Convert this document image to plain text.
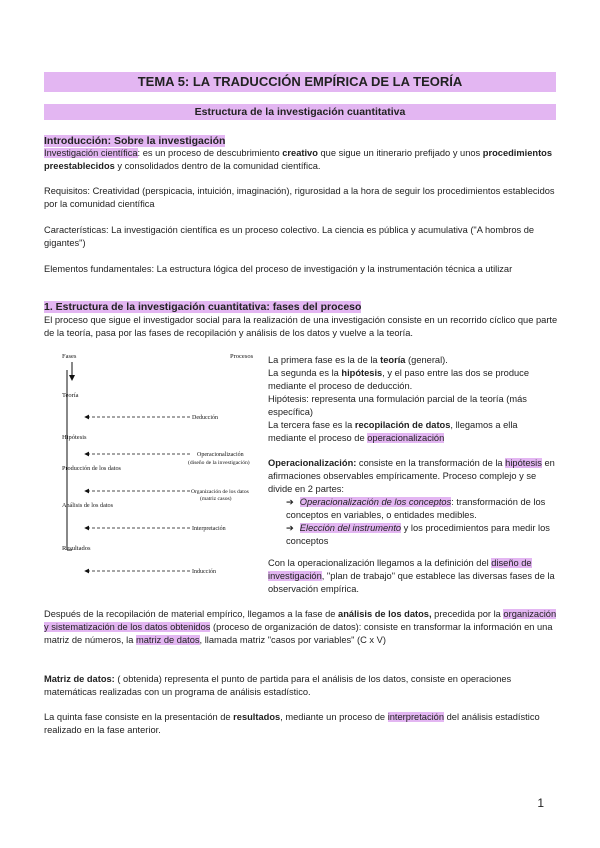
TEMA 5: LA TRADUCCIÓN EMPÍRICA DE LA TEORÍA
Estructura de la investigación cuantitativa
Introducción: Sobre la investigación

Investigación científica: es un proceso de descubrimiento creativo que sigue un itinerario prefijado y unos procedimientos preestablecidos y consolidados dentro de la comunidad científica.

Requisitos: Creatividad (perspicacia, intuición, imaginación), rigurosidad a la hora de seguir los procedimientos establecidos por la comunidad científica

Características: La investigación científica es un proceso colectivo. La ciencia es pública y acumulativa ("A hombros de gigantes")

Elementos fundamentales: La estructura lógica del proceso de investigación y la instrumentación técnica a utilizar

1. Estructura de la investigación cuantitativa: fases del proceso

El proceso que sigue el investigador social para la realización de una investigación consiste en un recorrido cíclico que parte de la teoría, pasa por las fases de recopilación y análisis de los datos y vuelve a la teoría.

Fases	Procesos
Teoría
Deducción
Hipótesis
Operacionalización
(diseño de la investigación)
Producción de los datos
Organización de los datos
(matriz casos)
Análisis de los datos
Interpretación
Resultados
Inducción

La primera fase es la de la teoría (general).

La segunda es la hipótesis, y el paso entre las dos se produce mediante el proceso de deducción.

Hipótesis: representa una formulación parcial de la teoría (más específica)

La tercera fase es la recopilación de datos, llegamos a ella mediante el proceso de operacionalización

Operacionalización: consiste en la transformación de la hipótesis en afirmaciones observables empíricamente. Proceso complejo y se divide en 2 partes:

➔ Operacionalización de los conceptos: transformación de los conceptos en variables, o entidades medibles.

➔ Elección del instrumento y los procedimientos para medir los conceptos

Con la operacionalización llegamos a la definición del diseño de investigación, "plan de trabajo" que establece las diversas fases de la observación empírica.

Después de la recopilación de material empírico, llegamos a la fase de análisis de los datos, precedida por la organización y sistematización de los datos obtenidos (proceso de organización de datos): consiste en transformar la información en una matriz de números, la matriz de datos, llamada matriz "casos por variables" (C x V)

Matriz de datos: ( obtenida) representa el punto de partida para el análisis de los datos, consiste en operaciones matemáticas realizadas con un programa de análisis estadístico.

La quinta fase consiste en la presentación de resultados, mediante un proceso de interpretación del análisis estadístico realizado en la fase anterior.

1
